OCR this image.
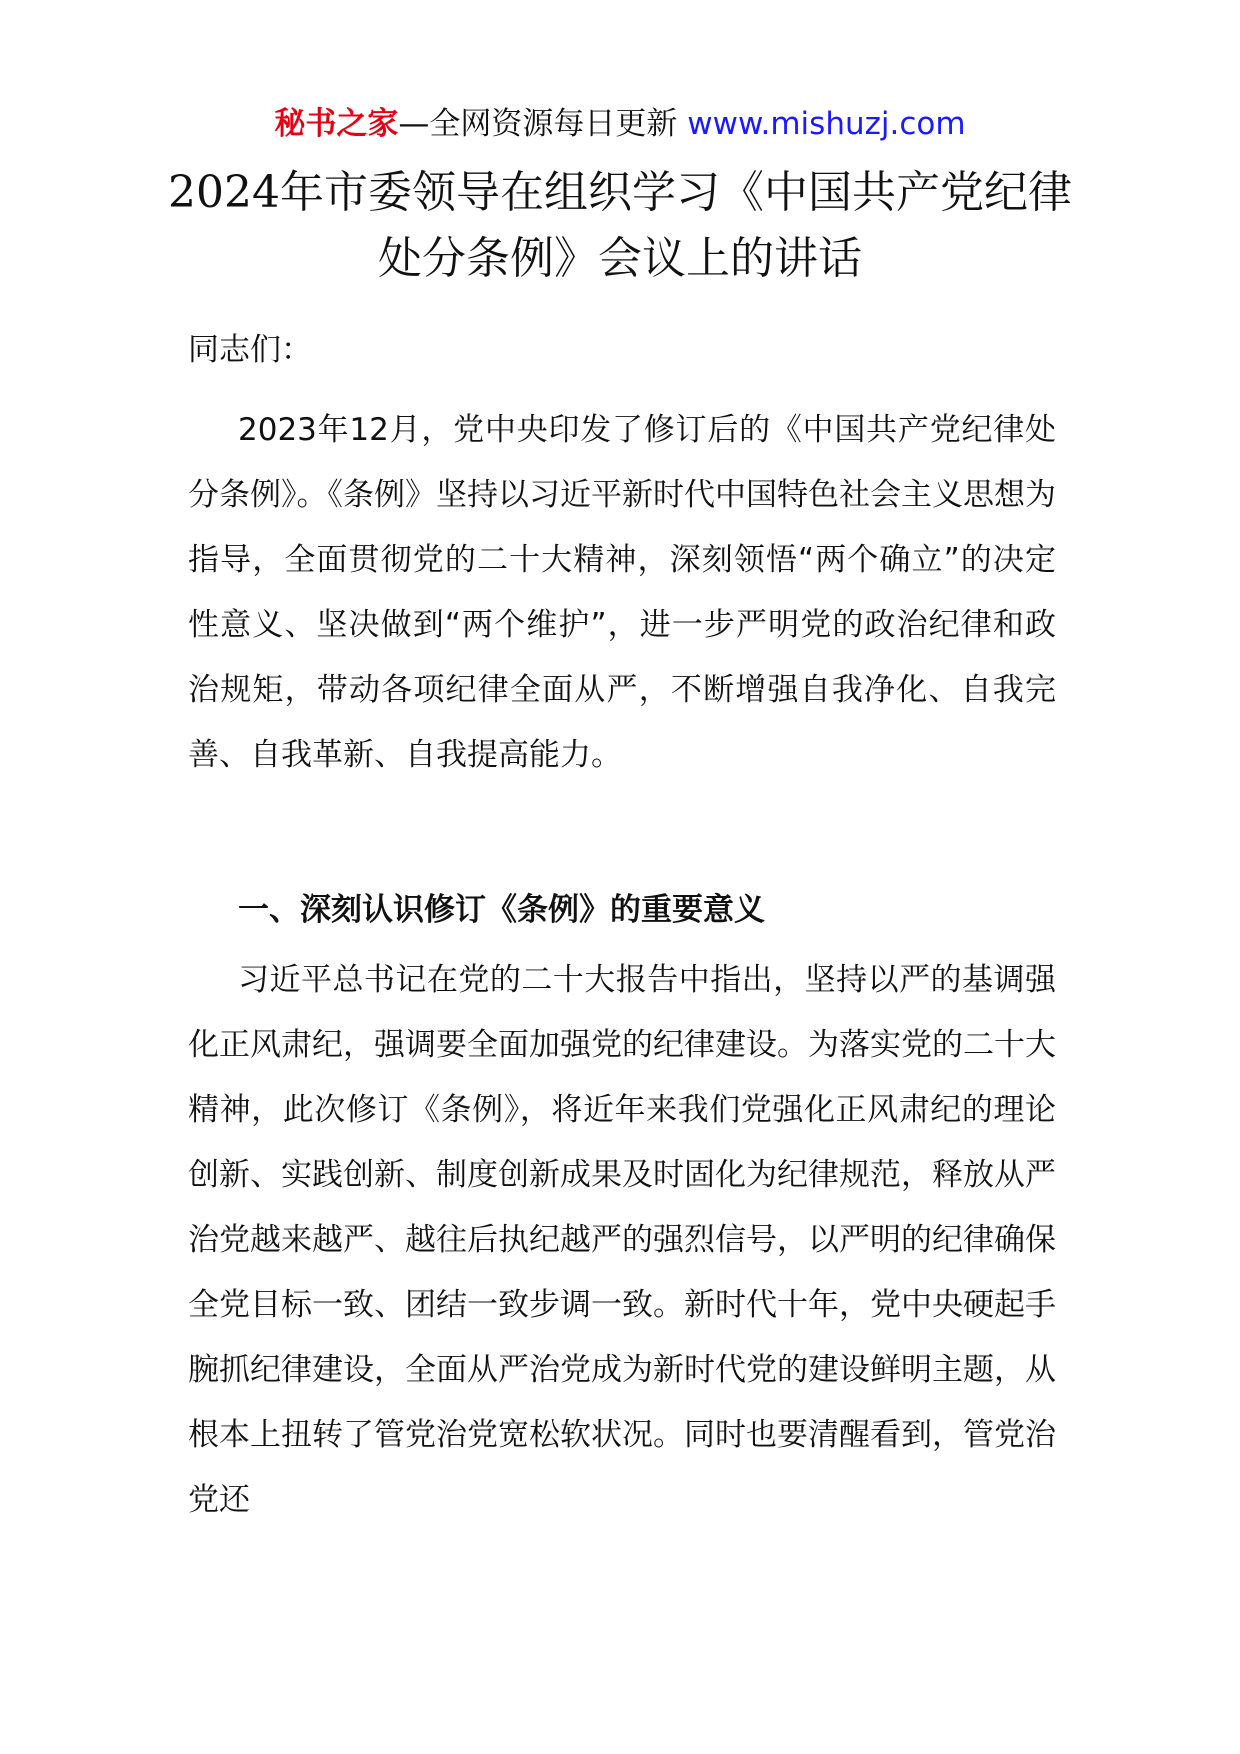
秘书之家—全网资源每日更新 www.mishuzj.com
2024年市委领导在组织学习《中国共产党纪律处分条例》会议上的讲话
同志们：
2023年12月，党中央印发了修订后的《中国共产党纪律处分条例》。《条例》坚持以习近平新时代中国特色社会主义思想为指导，全面贯彻党的二十大精神，深刻领悟“两个确立”的决定性意义、坚决做到“两个维护”，进一步严明党的政治纪律和政治规矩，带动各项纪律全面从严，不断增强自我净化、自我完善、自我革新、自我提高能力。
一、深刻认识修订《条例》的重要意义
习近平总书记在党的二十大报告中指出，坚持以严的基调强化正风肃纪，强调要全面加强党的纪律建设。为落实党的二十大精神，此次修订《条例》，将近年来我们党强化正风肃纪的理论创新、实践创新、制度创新成果及时固化为纪律规范，释放从严治党越来越严、越往后执纪越严的强烈信号，以严明的纪律确保全党目标一致、团结一致步调一致。新时代十年，党中央硬起手腕抓纪律建设，全面从严治党成为新时代党的建设鲜明主题，从根本上扭转了管党治党宽松软状况。同时也要清醒看到，管党治党还
